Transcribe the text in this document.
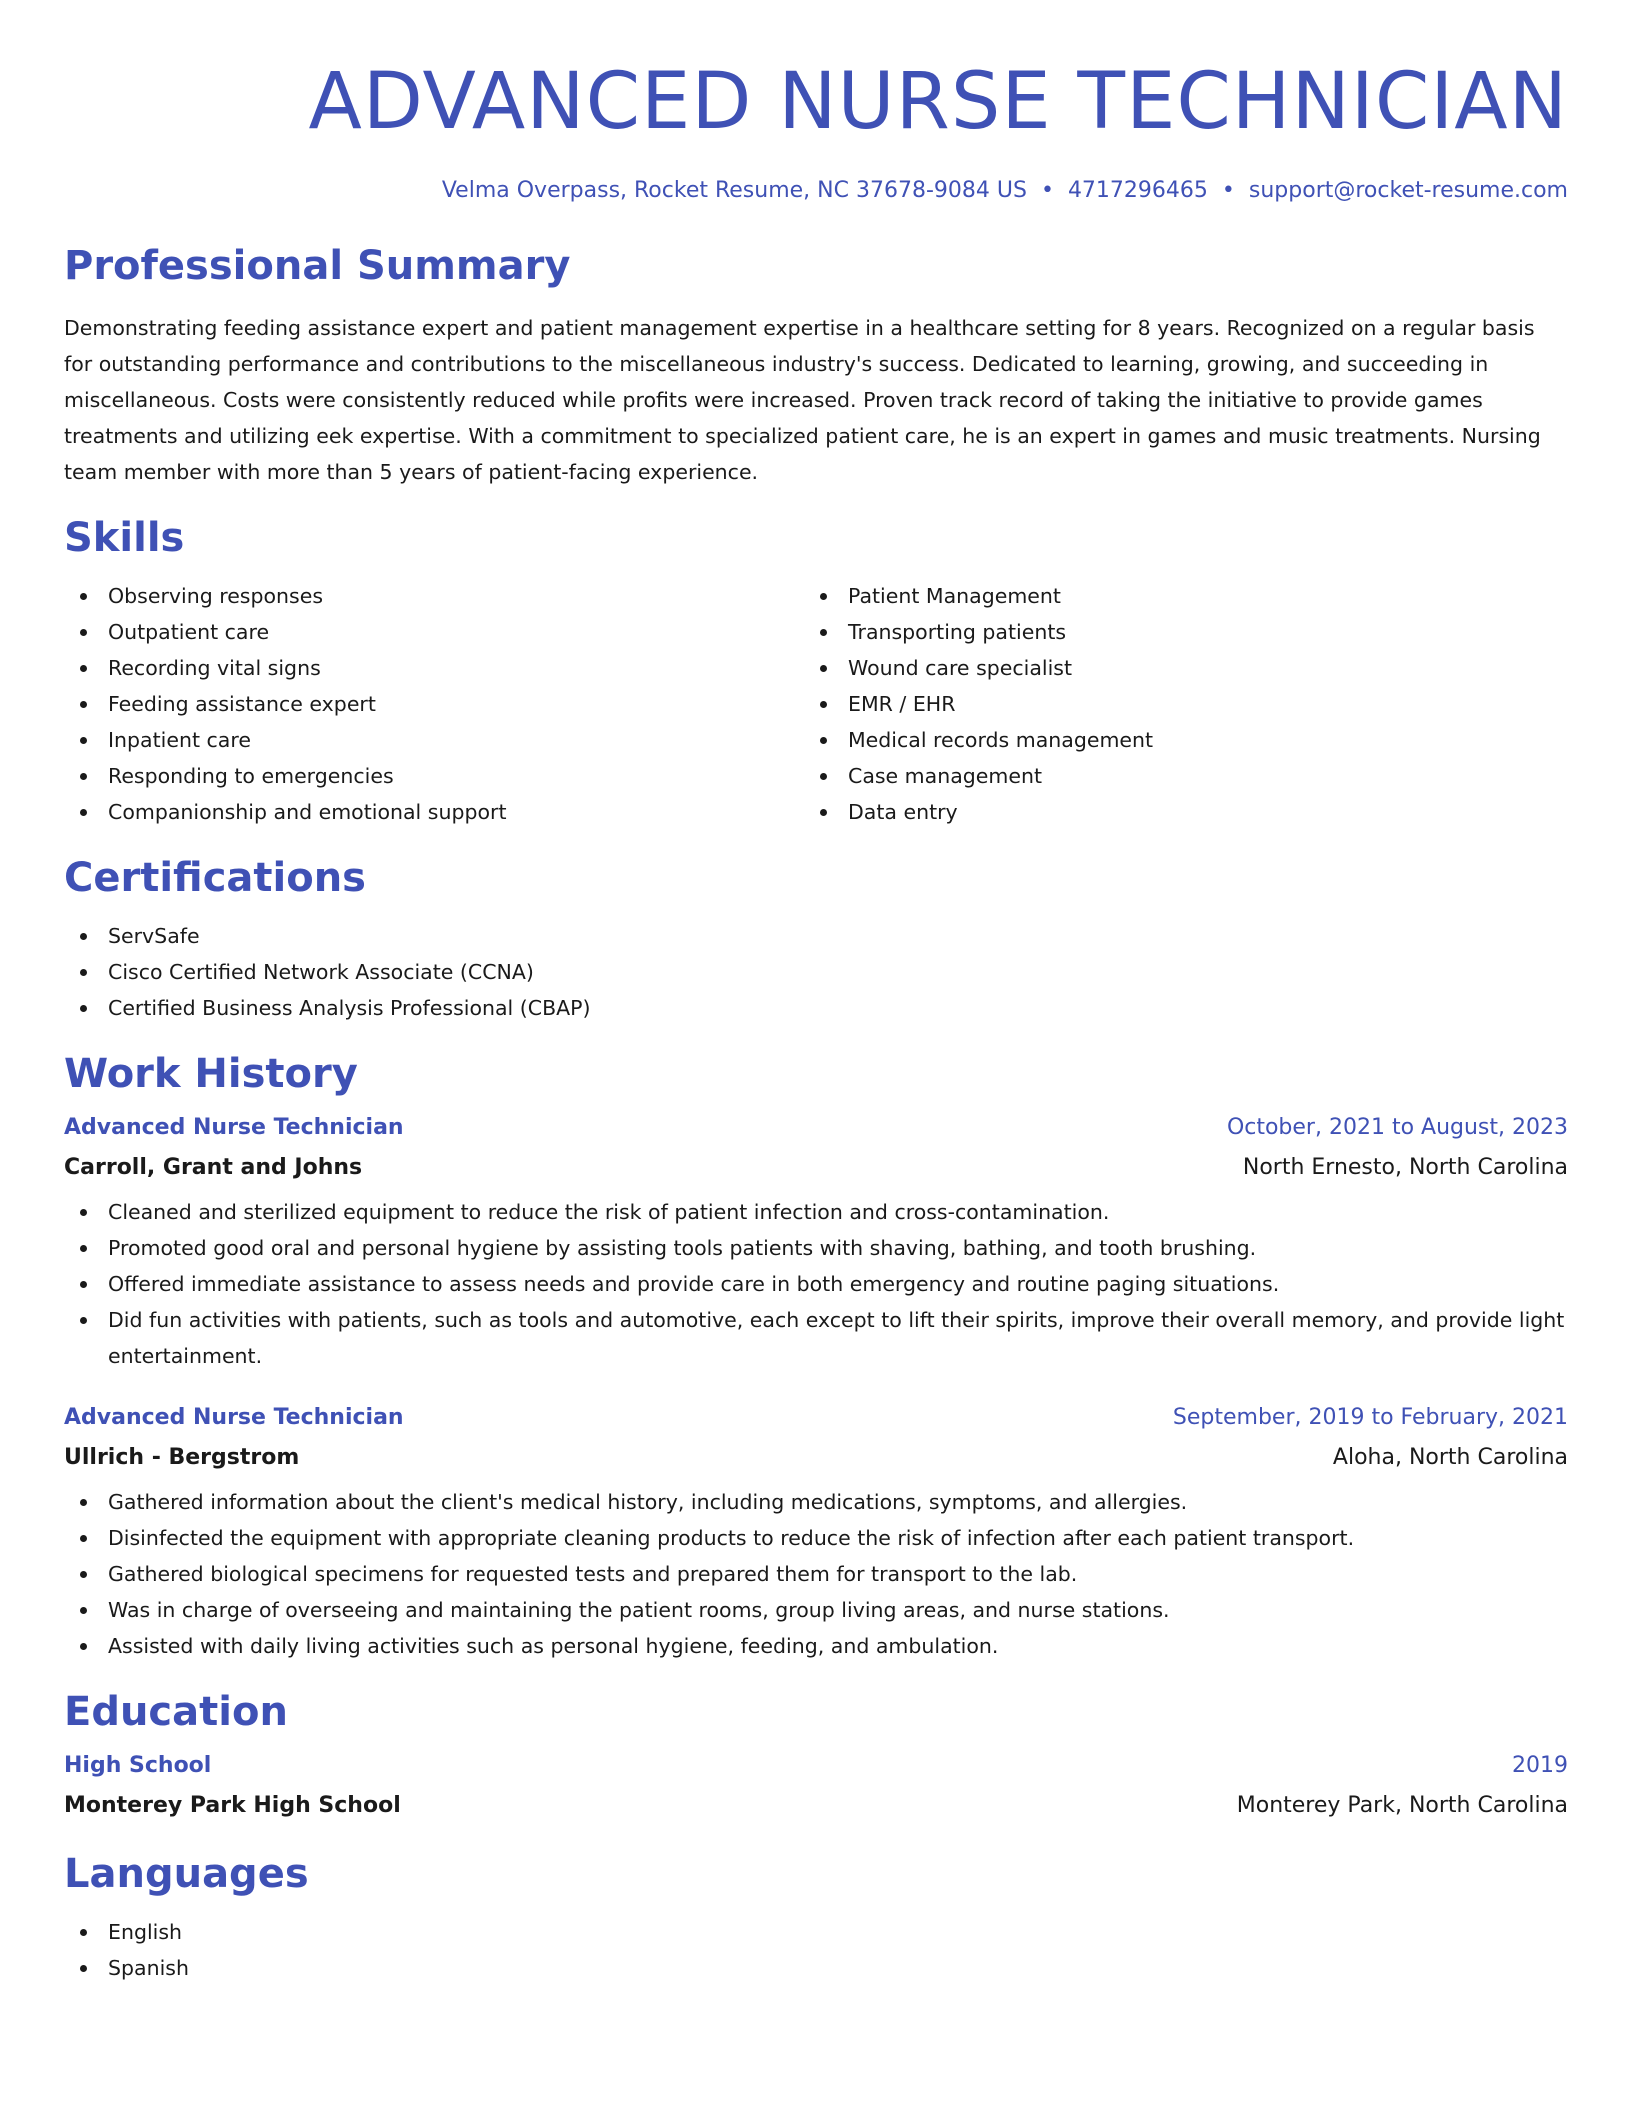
ADVANCED NURSE TECHNICIAN
Velma Overpass, Rocket Resume, NC 37678-9084 US • 4717296465 • support@rocket-resume.com
Professional Summary

Demonstrating feeding assistance expert and patient management expertise in a healthcare setting for 8 years. Recognized on a regular basis for outstanding performance and contributions to the miscellaneous industry's success. Dedicated to learning, growing, and succeeding in miscellaneous. Costs were consistently reduced while profits were increased. Proven track record of taking the initiative to provide games treatments and utilizing eek expertise. With a commitment to specialized patient care, he is an expert in games and music treatments. Nursing team member with more than 5 years of patient-facing experience.

Skills
Observing responses
Outpatient care
Recording vital signs
Feeding assistance expert
Inpatient care
Responding to emergencies
Companionship and emotional support
Patient Management
Transporting patients
Wound care specialist
EMR / EHR
Medical records management
Case management
Data entry
Certifications
ServSafe
Cisco Certified Network Associate (CCNA)
Certified Business Analysis Professional (CBAP)
Work History
Advanced Nurse Technician	October, 2021 to August, 2023
Carroll, Grant and Johns	North Ernesto, North Carolina
Cleaned and sterilized equipment to reduce the risk of patient infection and cross-contamination.
Promoted good oral and personal hygiene by assisting tools patients with shaving, bathing, and tooth brushing.
Offered immediate assistance to assess needs and provide care in both emergency and routine paging situations.
Did fun activities with patients, such as tools and automotive, each except to lift their spirits, improve their overall memory, and provide light entertainment.
Advanced Nurse Technician	September, 2019 to February, 2021
Ullrich - Bergstrom	Aloha, North Carolina
Gathered information about the client's medical history, including medications, symptoms, and allergies.
Disinfected the equipment with appropriate cleaning products to reduce the risk of infection after each patient transport.
Gathered biological specimens for requested tests and prepared them for transport to the lab.
Was in charge of overseeing and maintaining the patient rooms, group living areas, and nurse stations.
Assisted with daily living activities such as personal hygiene, feeding, and ambulation.
Education
High School	2019
Monterey Park High School	Monterey Park, North Carolina
Languages
English
Spanish
